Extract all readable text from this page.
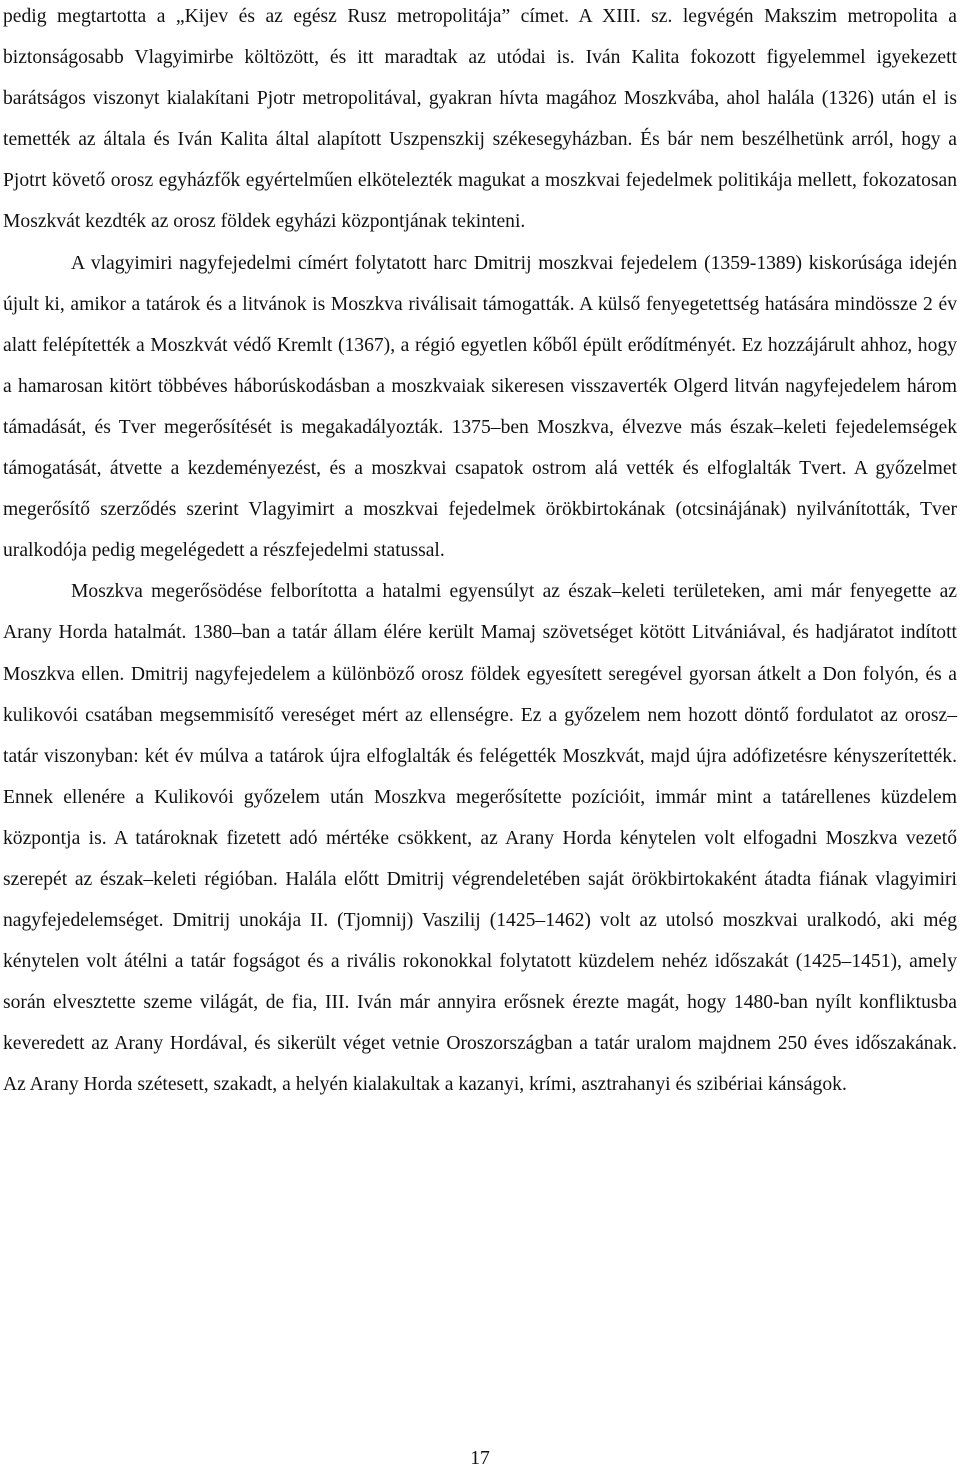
pedig megtartotta a „Kijev és az egész Rusz metropolitája” címet. A XIII. sz. legvégén Makszim metropolita a biztonságosabb Vlagyimirbe költözött, és itt maradtak az utódai is. Iván Kalita fokozott figyelemmel igyekezett barátságos viszonyt kialakítani Pjotr metropolitával, gyakran hívta magához Moszkvába, ahol halála (1326) után el is temették az általa és Iván Kalita által alapított Uszpenszkij székesegyházban. És bár nem beszélhetünk arról, hogy a Pjotrt követő orosz egyházfők egyértelműen elkötelezték magukat a moszkvai fejedelmek politikája mellett, fokozatosan Moszkvát kezdték az orosz földek egyházi központjának tekinteni.

A vlagyimiri nagyfejedelmi címért folytatott harc Dmitrij moszkvai fejedelem (1359-1389) kiskorúsága idején újult ki, amikor a tatárok és a litvánok is Moszkva riválisait támogatták. A külső fenyegetettség hatására mindössze 2 év alatt felépítették a Moszkvát védő Kremlt (1367), a régió egyetlen kőből épült erődítményét. Ez hozzájárult ahhoz, hogy a hamarosan kitört többéves háborúskodásban a moszkvaiak sikeresen visszaverték Olgerd litván nagyfejedelem három támadását, és Tver megerősítését is megakadályozták. 1375–ben Moszkva, élvezve más észak–keleti fejedelemségek támogatását, átvette a kezdeményezést, és a moszkvai csapatok ostrom alá vették és elfoglalták Tvert. A győzelmet megerősítő szerződés szerint Vlagyimirt a moszkvai fejedelmek örökbirtokának (otcsinájának) nyilvánították, Tver uralkodója pedig megelégedett a részfejedelmi statussal.

Moszkva megerősödése felborította a hatalmi egyensúlyt az észak–keleti területeken, ami már fenyegette az Arany Horda hatalmát. 1380–ban a tatár állam élére került Mamaj szövetséget kötött Litvániával, és hadjáratot indított Moszkva ellen. Dmitrij nagyfejedelem a különböző orosz földek egyesített seregével gyorsan átkelt a Don folyón, és a kulikovói csatában megsemmisítő vereséget mért az ellenségre. Ez a győzelem nem hozott döntő fordulatot az orosz–tatár viszonyban: két év múlva a tatárok újra elfoglalták és felégették Moszkvát, majd újra adófizetésre kényszerítették. Ennek ellenére a Kulikovói győzelem után Moszkva megerősítette pozícióit, immár mint a tatárellenes küzdelem központja is. A tatároknak fizetett adó mértéke csökkent, az Arany Horda kénytelen volt elfogadni Moszkva vezető szerepét az észak–keleti régióban. Halála előtt Dmitrij végrendeletében saját örökbirtokaként átadta fiának vlagyimiri nagyfejedelemséget. Dmitrij unokája II. (Tjomnij) Vaszilij (1425–1462) volt az utolsó moszkvai uralkodó, aki még kénytelen volt átélni a tatár fogságot és a rivális rokonokkal folytatott küzdelem nehéz időszakát (1425–1451), amely során elvesztette szeme világát, de fia, III. Iván már annyira erősnek érezte magát, hogy 1480-ban nyílt konfliktusba keveredett az Arany Hordával, és sikerült véget vetnie Oroszországban a tatár uralom majdnem 250 éves időszakának. Az Arany Horda szétesett, szakadt, a helyén kialakultak a kazanyi, krími, asztrahanyi és szibériai kánságok.

17
